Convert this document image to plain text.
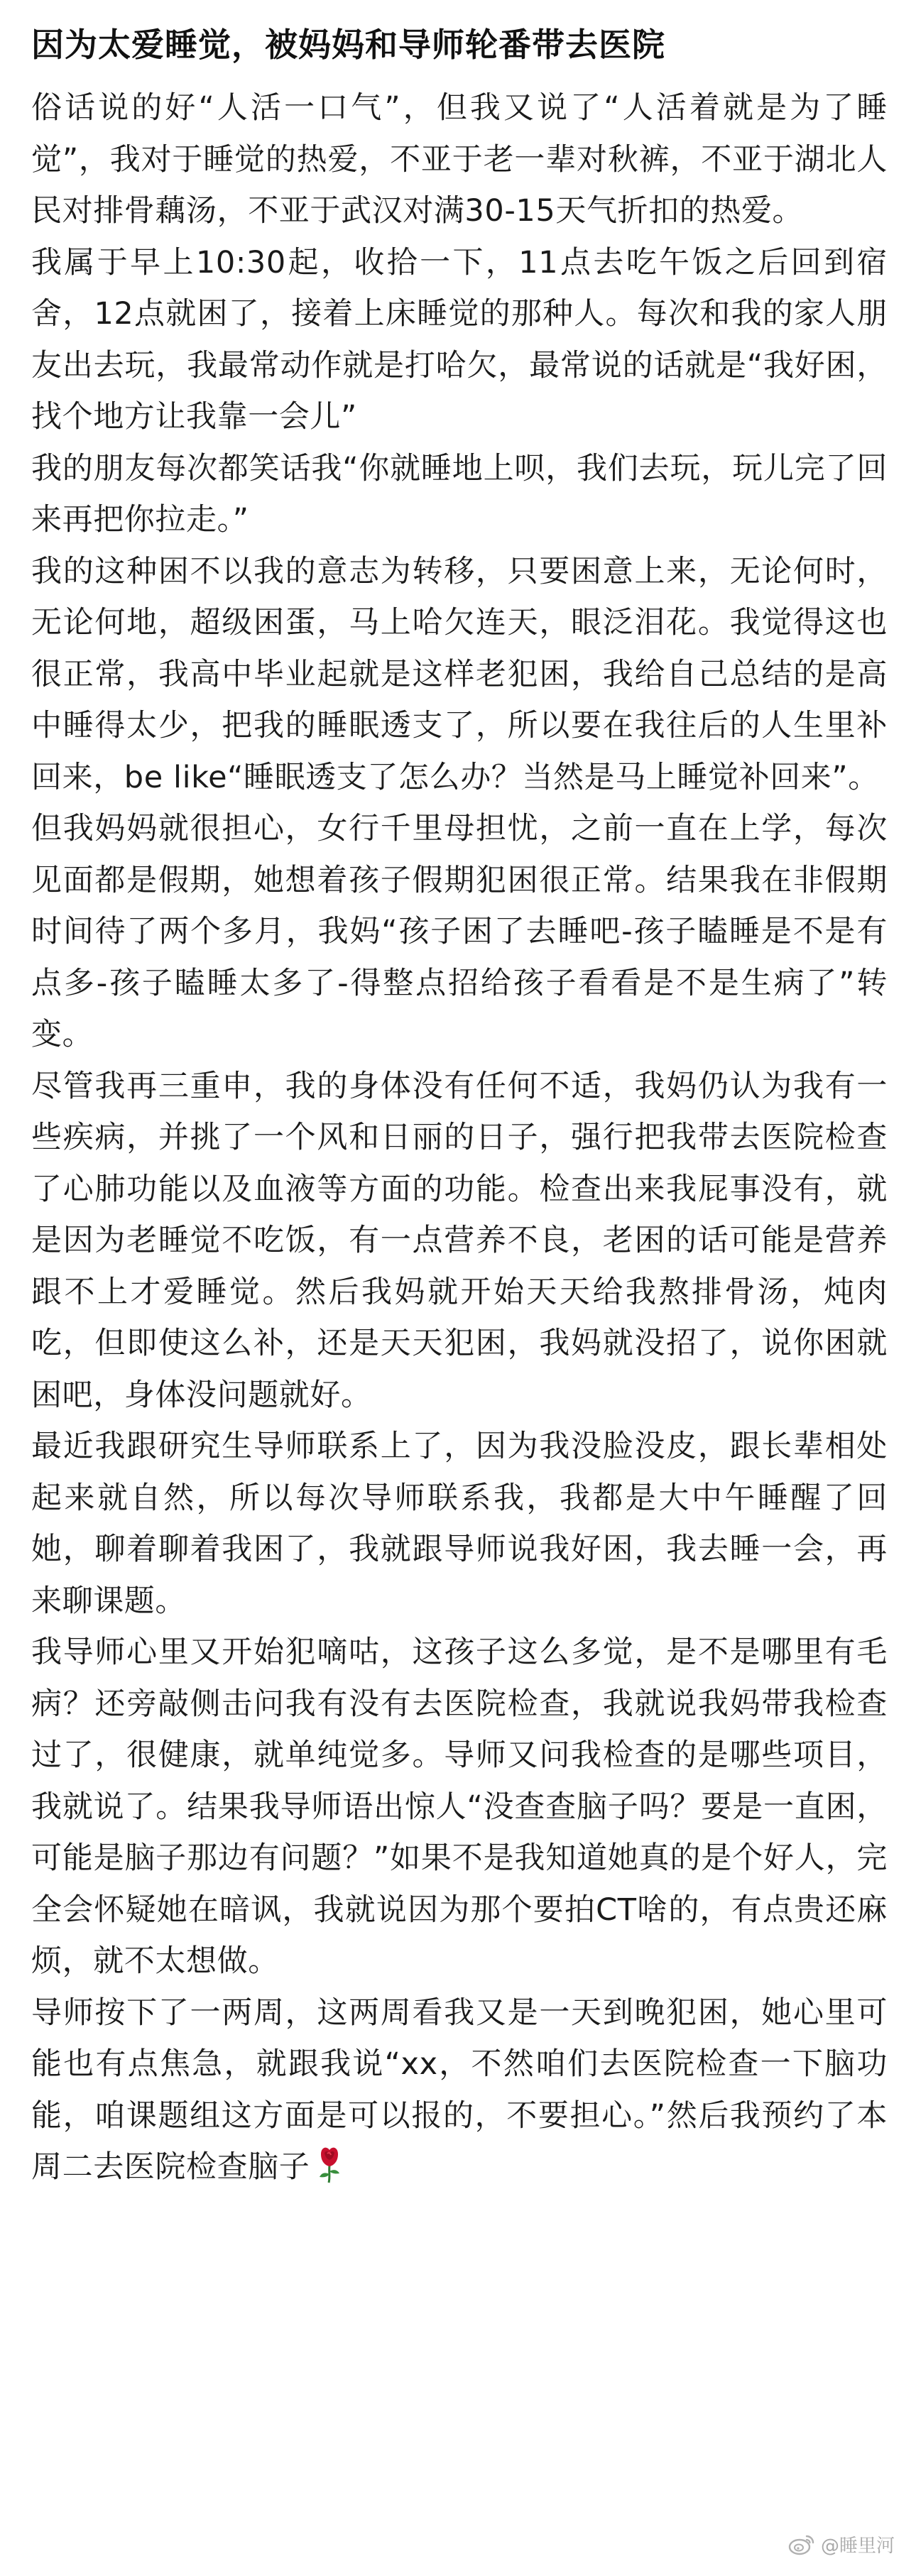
因为太爱睡觉，被妈妈和导师轮番带去医院

俗话说的好“人活一口气”，但我又说了“人活着就是为了睡觉”，我对于睡觉的热爱，不亚于老一辈对秋裤，不亚于湖北人民对排骨藕汤，不亚于武汉对满30-15天气折扣的热爱。

我属于早上10:30起，收拾一下，11点去吃午饭之后回到宿舍，12点就困了，接着上床睡觉的那种人。每次和我的家人朋友出去玩，我最常动作就是打哈欠，最常说的话就是“我好困，找个地方让我靠一会儿”

我的朋友每次都笑话我“你就睡地上呗，我们去玩，玩儿完了回来再把你拉走。”

我的这种困不以我的意志为转移，只要困意上来，无论何时，无论何地，超级困蛋，马上哈欠连天，眼泛泪花。我觉得这也很正常，我高中毕业起就是这样老犯困，我给自己总结的是高中睡得太少，把我的睡眠透支了，所以要在我往后的人生里补回来，be like“睡眠透支了怎么办？当然是马上睡觉补回来”。

但我妈妈就很担心，女行千里母担忧，之前一直在上学，每次见面都是假期，她想着孩子假期犯困很正常。结果我在非假期时间待了两个多月，我妈“孩子困了去睡吧-孩子瞌睡是不是有点多-孩子瞌睡太多了-得整点招给孩子看看是不是生病了”转变。

尽管我再三重申，我的身体没有任何不适，我妈仍认为我有一些疾病，并挑了一个风和日丽的日子，强行把我带去医院检查了心肺功能以及血液等方面的功能。检查出来我屁事没有，就是因为老睡觉不吃饭，有一点营养不良，老困的话可能是营养跟不上才爱睡觉。然后我妈就开始天天给我熬排骨汤，炖肉吃，但即使这么补，还是天天犯困，我妈就没招了，说你困就困吧，身体没问题就好。

最近我跟研究生导师联系上了，因为我没脸没皮，跟长辈相处起来就自然，所以每次导师联系我，我都是大中午睡醒了回她，聊着聊着我困了，我就跟导师说我好困，我去睡一会，再来聊课题。

我导师心里又开始犯嘀咕，这孩子这么多觉，是不是哪里有毛病？还旁敲侧击问我有没有去医院检查，我就说我妈带我检查过了，很健康，就单纯觉多。导师又问我检查的是哪些项目，我就说了。结果我导师语出惊人“没查查脑子吗？要是一直困，可能是脑子那边有问题？”如果不是我知道她真的是个好人，完全会怀疑她在暗讽，我就说因为那个要拍CT啥的，有点贵还麻烦，就不太想做。

导师按下了一两周，这两周看我又是一天到晚犯困，她心里可能也有点焦急，就跟我说“xx，不然咱们去医院检查一下脑功能，咱课题组这方面是可以报的，不要担心。”然后我预约了本周二去医院检查脑子

@睡里河
